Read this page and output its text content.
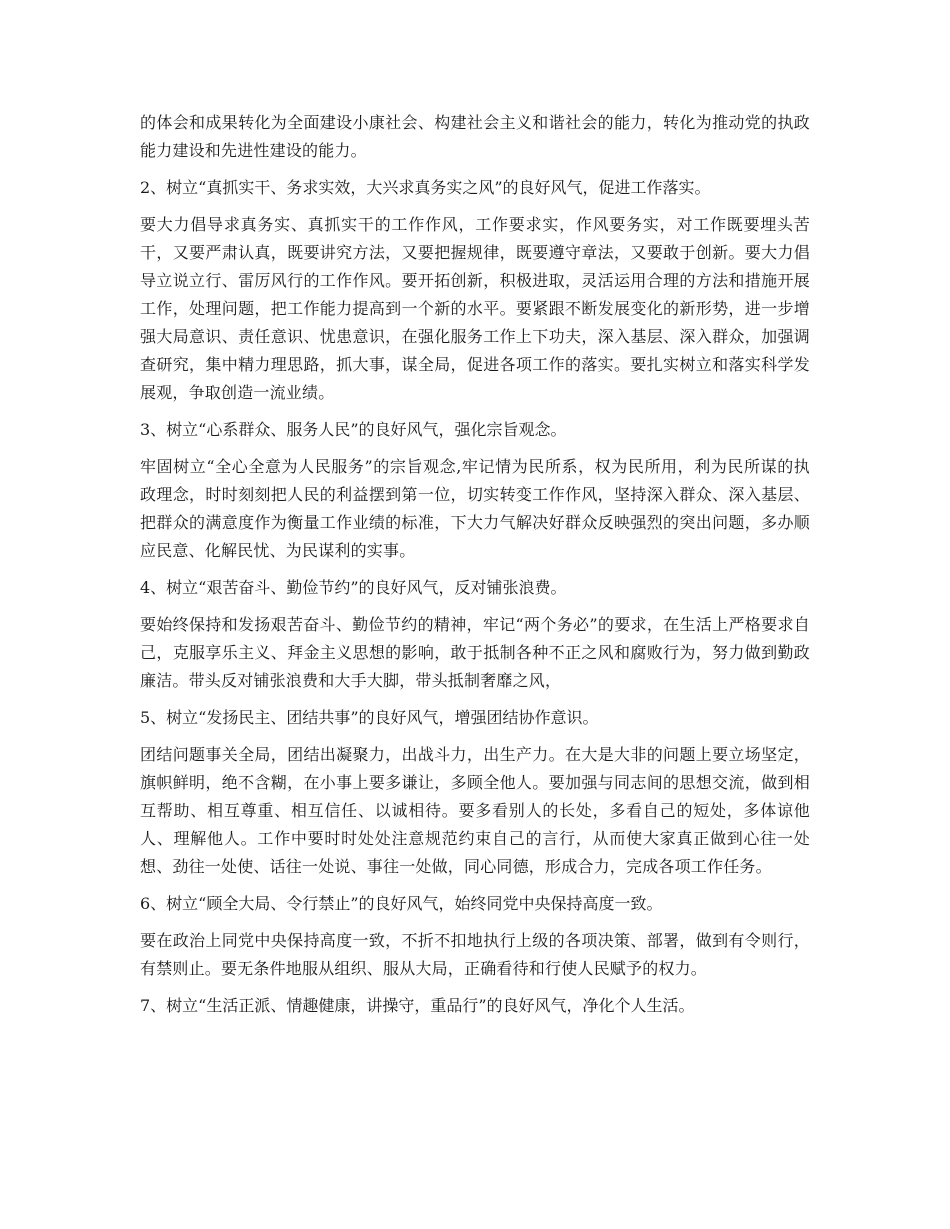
的体会和成果转化为全面建设小康社会、构建社会主义和谐社会的能力，转化为推动党的执政能力建设和先进性建设的能力。

2、树立“真抓实干、务求实效，大兴求真务实之风”的良好风气，促进工作落实。

要大力倡导求真务实、真抓实干的工作作风，工作要求实，作风要务实，对工作既要埋头苦干，又要严肃认真，既要讲究方法，又要把握规律，既要遵守章法，又要敢于创新。要大力倡导立说立行、雷厉风行的工作作风。要开拓创新，积极进取，灵活运用合理的方法和措施开展工作，处理问题，把工作能力提高到一个新的水平。要紧跟不断发展变化的新形势，进一步增强大局意识、责任意识、忧患意识，在强化服务工作上下功夫，深入基层、深入群众，加强调查研究，集中精力理思路，抓大事，谋全局，促进各项工作的落实。要扎实树立和落实科学发展观，争取创造一流业绩。

3、树立“心系群众、服务人民”的良好风气，强化宗旨观念。

牢固树立“全心全意为人民服务”的宗旨观念,牢记情为民所系，权为民所用，利为民所谋的执政理念，时时刻刻把人民的利益摆到第一位，切实转变工作作风，坚持深入群众、深入基层、把群众的满意度作为衡量工作业绩的标准，下大力气解决好群众反映强烈的突出问题，多办顺应民意、化解民忧、为民谋利的实事。

4、树立“艰苦奋斗、勤俭节约”的良好风气，反对铺张浪费。

要始终保持和发扬艰苦奋斗、勤俭节约的精神，牢记“两个务必”的要求，在生活上严格要求自己，克服享乐主义、拜金主义思想的影响，敢于抵制各种不正之风和腐败行为，努力做到勤政廉洁。带头反对铺张浪费和大手大脚，带头抵制奢靡之风，

5、树立“发扬民主、团结共事”的良好风气，增强团结协作意识。

团结问题事关全局，团结出凝聚力，出战斗力，出生产力。在大是大非的问题上要立场坚定，旗帜鲜明，绝不含糊，在小事上要多谦让，多顾全他人。要加强与同志间的思想交流，做到相互帮助、相互尊重、相互信任、以诚相待。要多看别人的长处，多看自己的短处，多体谅他人、理解他人。工作中要时时处处注意规范约束自己的言行，从而使大家真正做到心往一处想、劲往一处使、话往一处说、事往一处做，同心同德，形成合力，完成各项工作任务。

6、树立“顾全大局、令行禁止”的良好风气，始终同党中央保持高度一致。

要在政治上同党中央保持高度一致，不折不扣地执行上级的各项决策、部署，做到有令则行，有禁则止。要无条件地服从组织、服从大局，正确看待和行使人民赋予的权力。

7、树立“生活正派、情趣健康，讲操守，重品行”的良好风气，净化个人生活。
